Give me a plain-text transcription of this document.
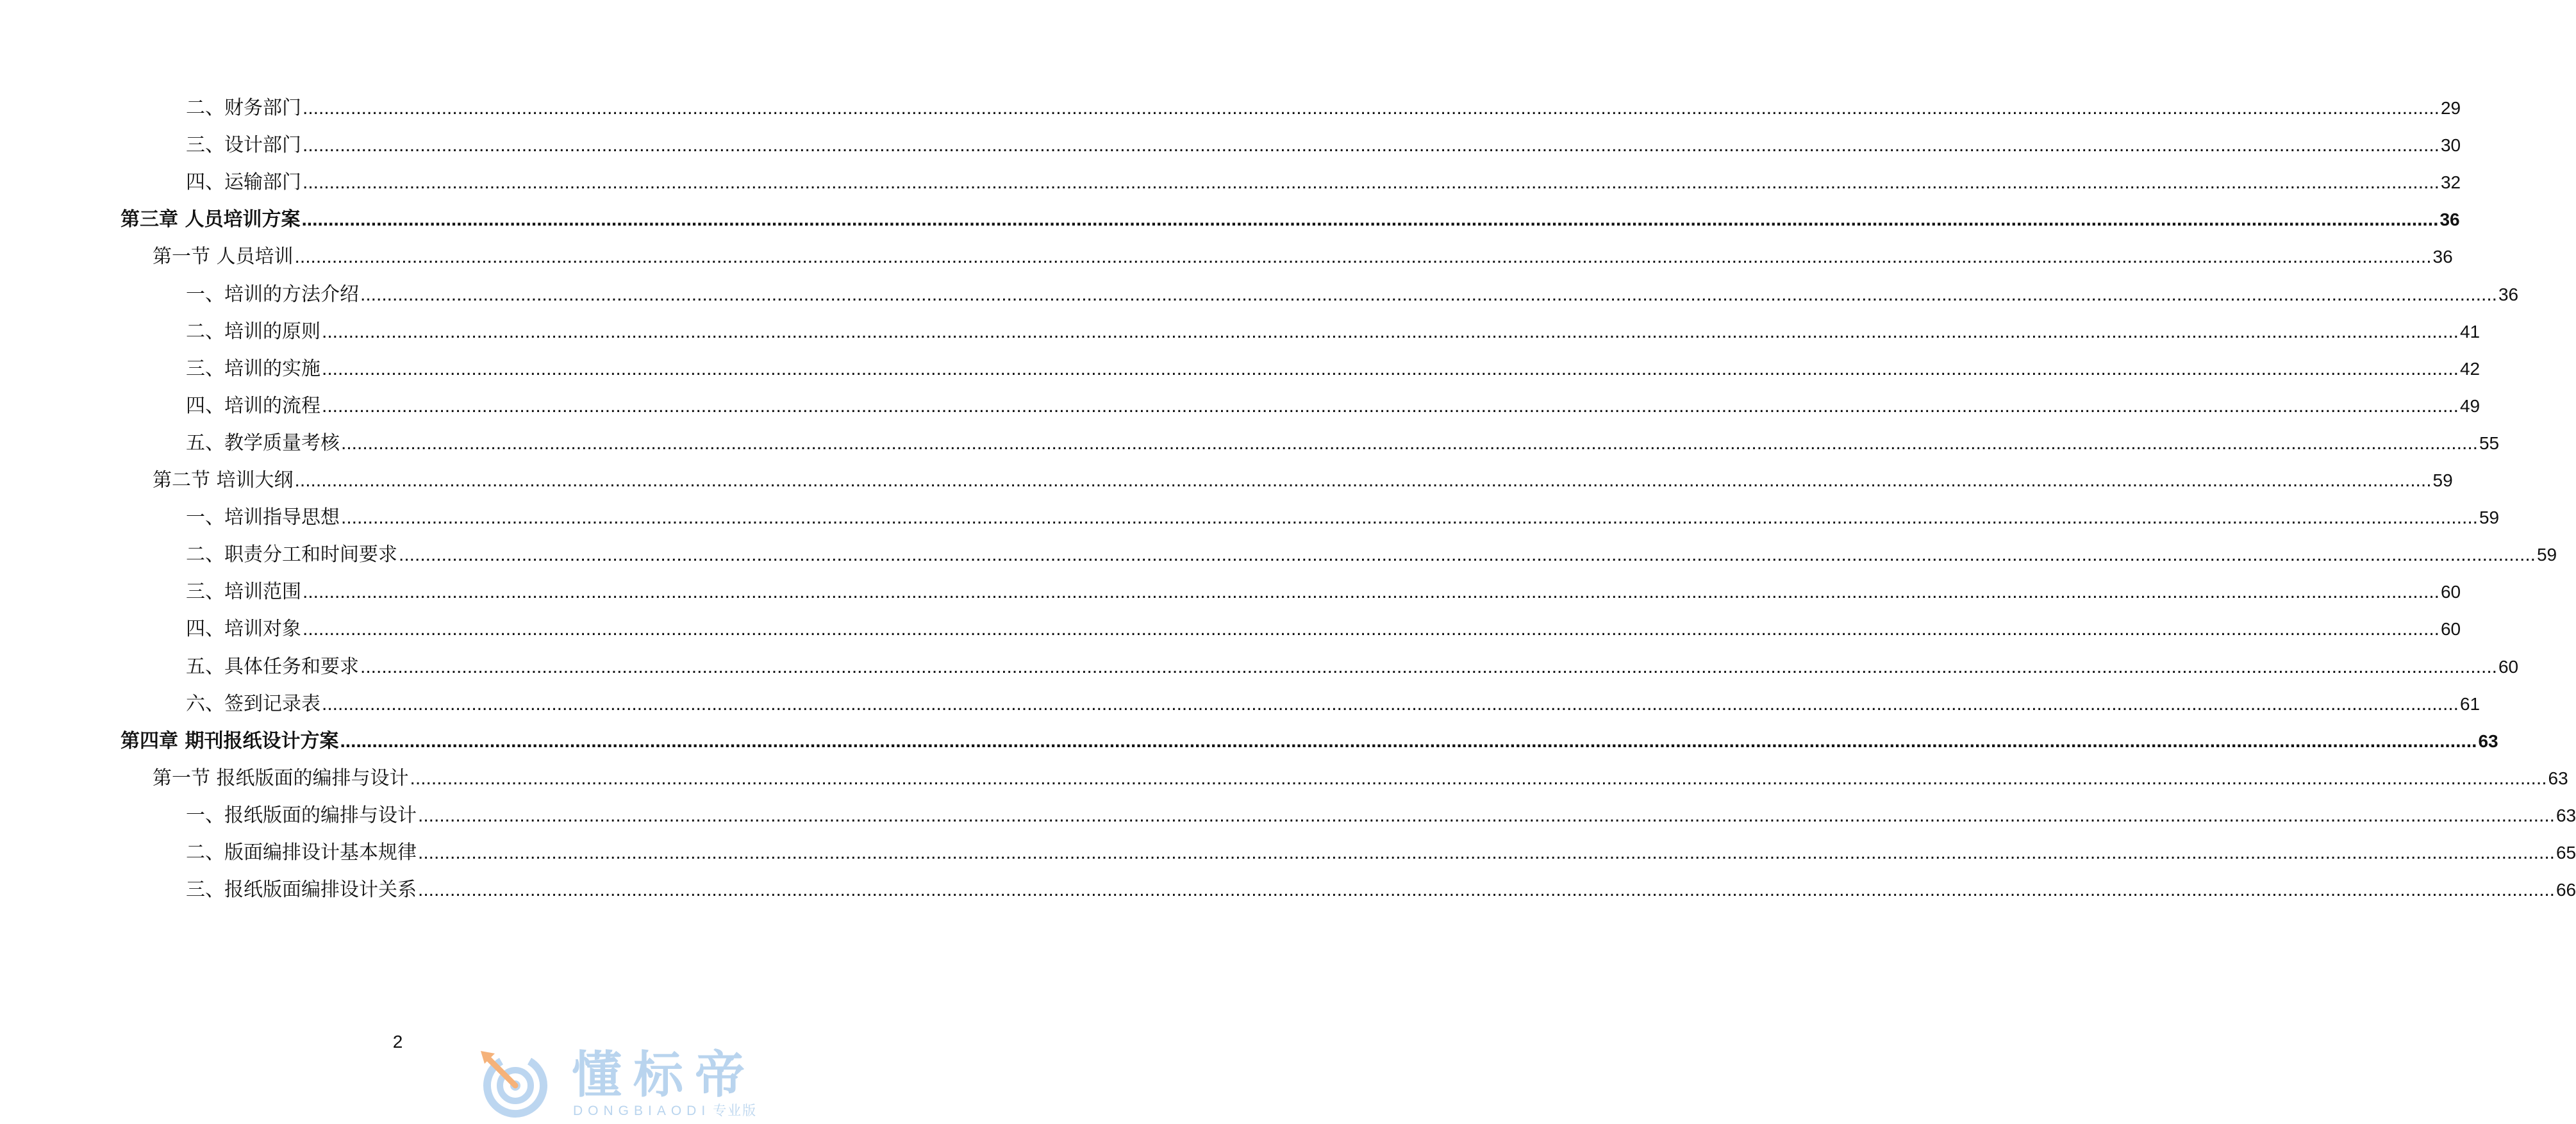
二、财务部门 ................................................................................................................................................................................................................................................................................................................................................................................................................ 29
三、设计部门 ................................................................................................................................................................................................................................................................................................................................................................................................................ 30
四、运输部门 ................................................................................................................................................................................................................................................................................................................................................................................................................ 32
第三章 人员培训方案 ................................................................................................................................................................................................................................................................................................................................................................................................................ 36
第一节 人员培训 ................................................................................................................................................................................................................................................................................................................................................................................................................ 36
一、培训的方法介绍 ................................................................................................................................................................................................................................................................................................................................................................................................................ 36
二、培训的原则 ................................................................................................................................................................................................................................................................................................................................................................................................................ 41
三、培训的实施 ................................................................................................................................................................................................................................................................................................................................................................................................................ 42
四、培训的流程 ................................................................................................................................................................................................................................................................................................................................................................................................................ 49
五、教学质量考核 ................................................................................................................................................................................................................................................................................................................................................................................................................ 55
第二节 培训大纲 ................................................................................................................................................................................................................................................................................................................................................................................................................ 59
一、培训指导思想 ................................................................................................................................................................................................................................................................................................................................................................................................................ 59
二、职责分工和时间要求 ................................................................................................................................................................................................................................................................................................................................................................................................................ 59
三、培训范围 ................................................................................................................................................................................................................................................................................................................................................................................................................ 60
四、培训对象 ................................................................................................................................................................................................................................................................................................................................................................................................................ 60
五、具体任务和要求 ................................................................................................................................................................................................................................................................................................................................................................................................................ 60
六、签到记录表 ................................................................................................................................................................................................................................................................................................................................................................................................................ 61
第四章 期刊报纸设计方案 ................................................................................................................................................................................................................................................................................................................................................................................................................ 63
第一节 报纸版面的编排与设计 ................................................................................................................................................................................................................................................................................................................................................................................................................ 63
一、报纸版面的编排与设计 ................................................................................................................................................................................................................................................................................................................................................................................................................ 63
二、版面编排设计基本规律 ................................................................................................................................................................................................................................................................................................................................................................................................................ 65
三、报纸版面编排设计关系 ................................................................................................................................................................................................................................................................................................................................................................................................................ 66
2
懂标帝
DONGBIAODI 专业版
